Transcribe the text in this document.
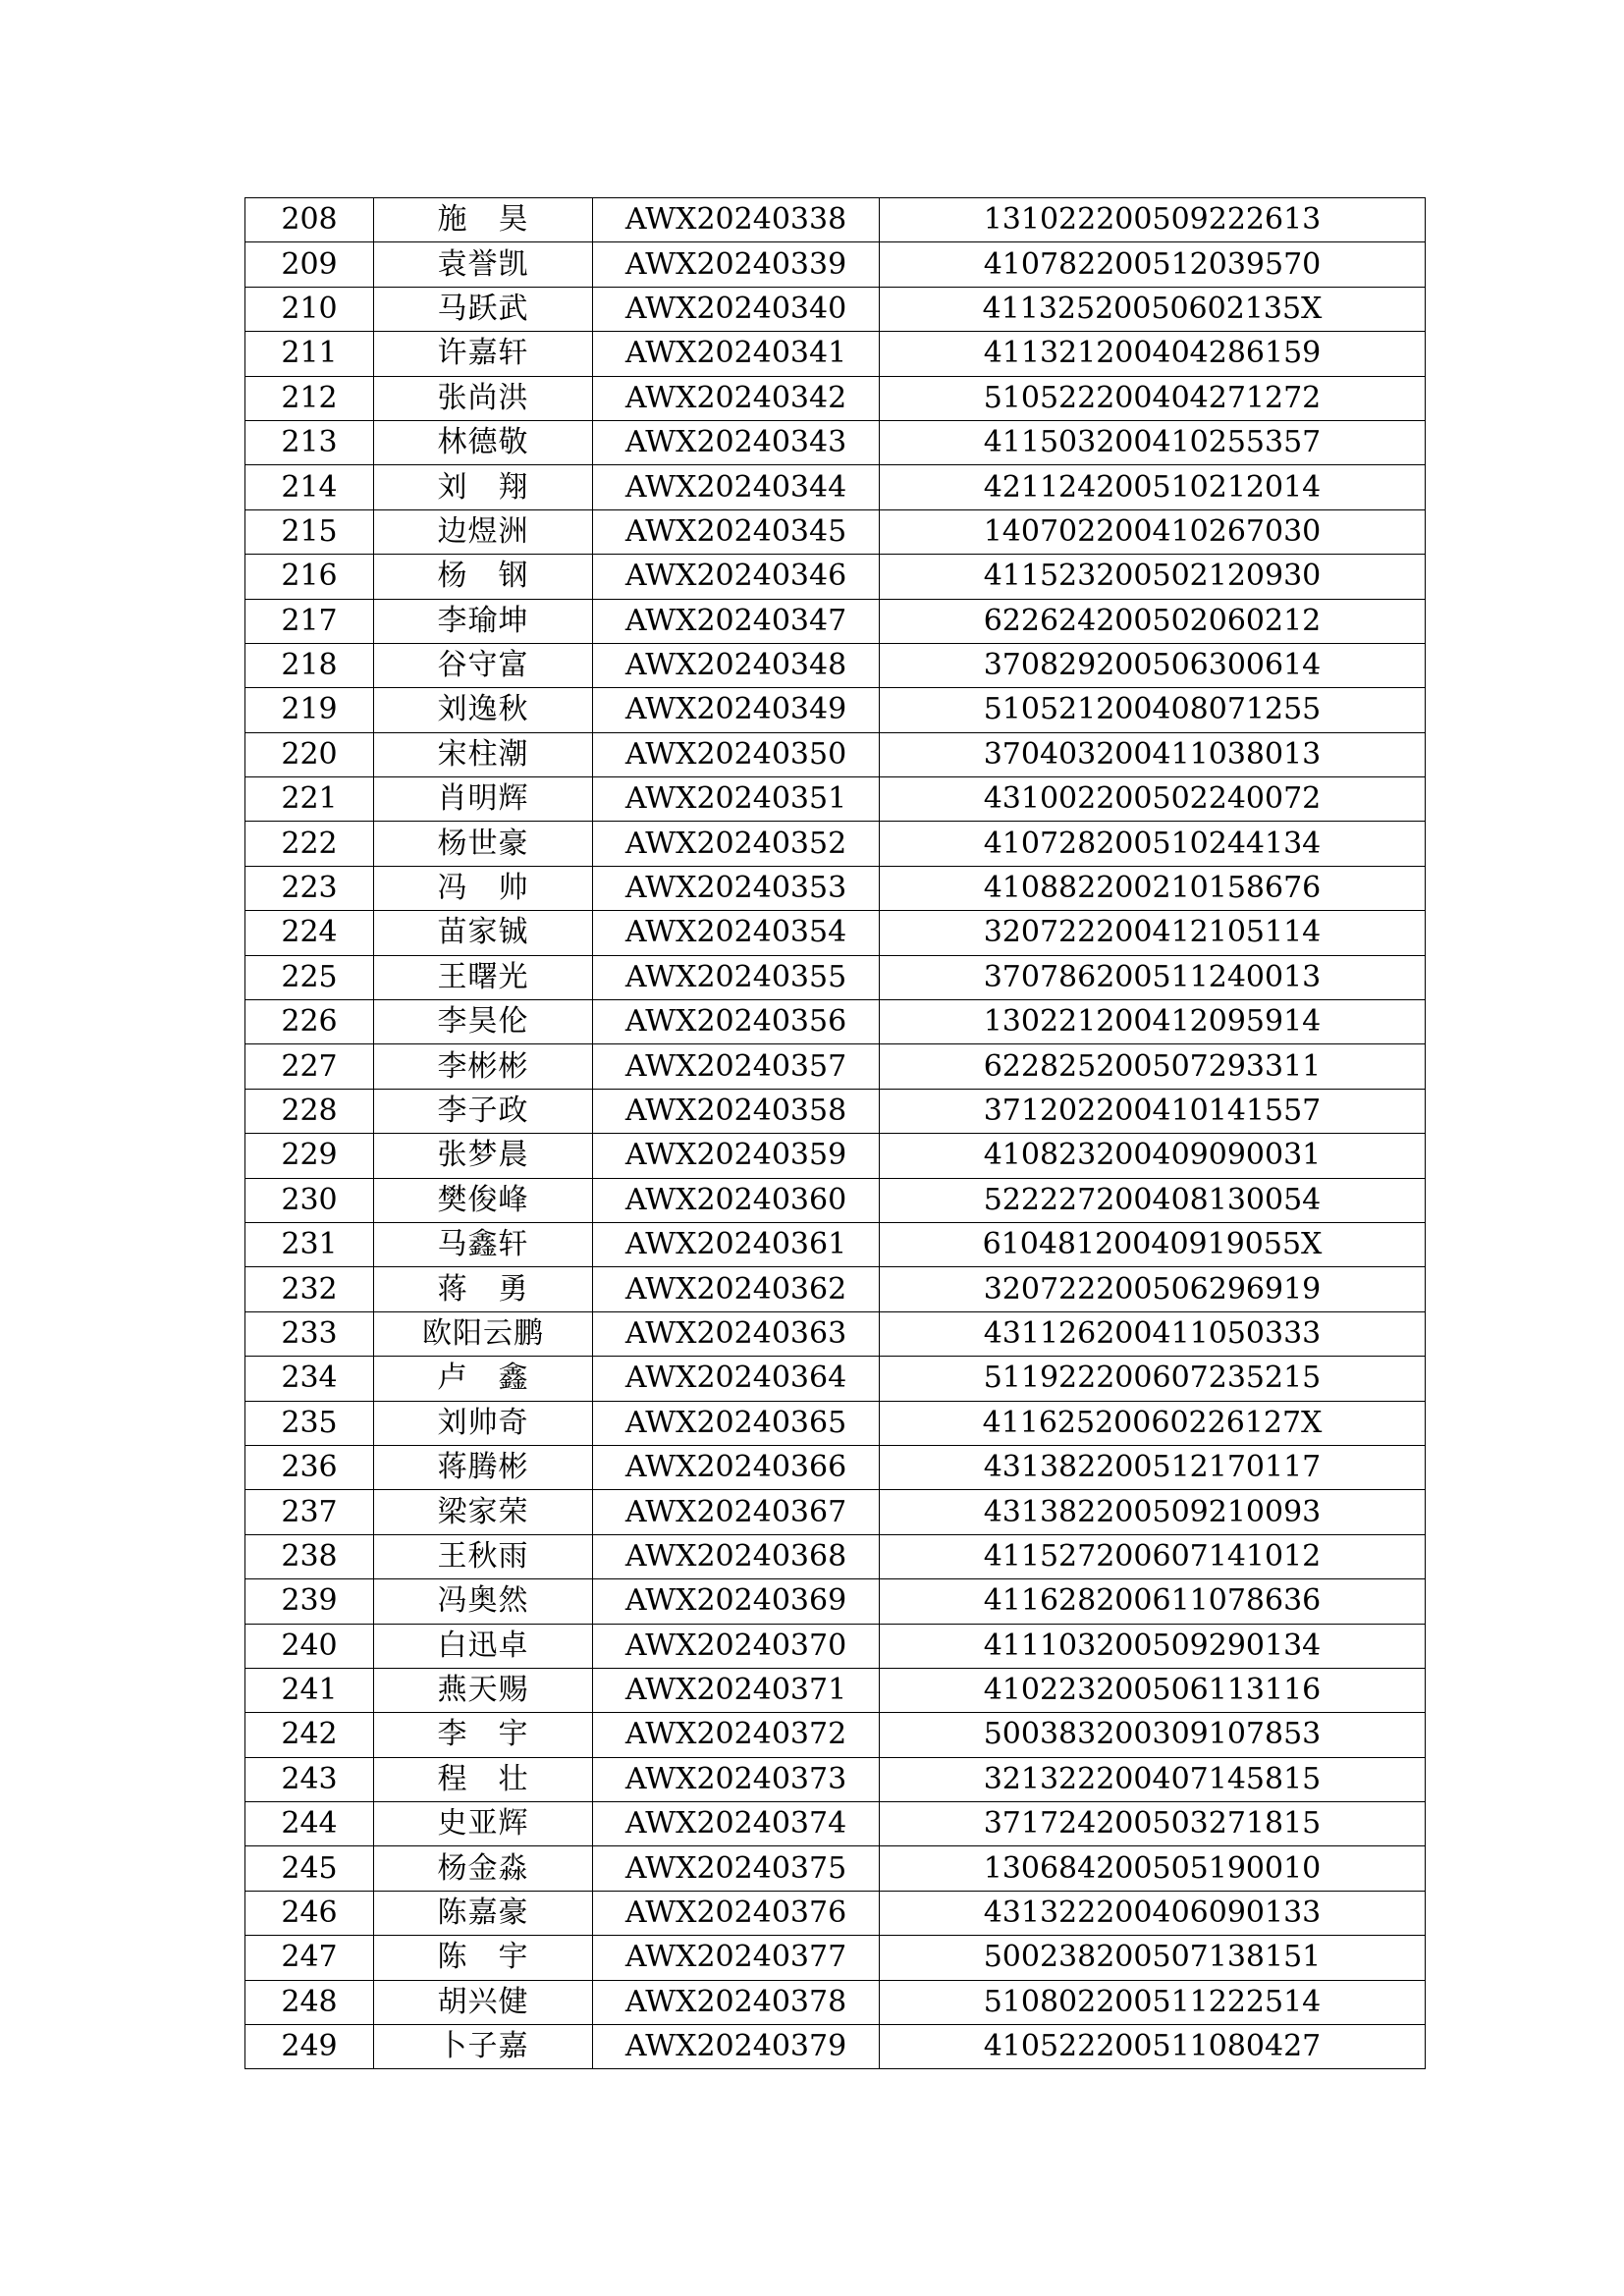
208	施　昊	AWX20240338	131022200509222613
209	袁誉凯	AWX20240339	410782200512039570
210	马跃武	AWX20240340	41132520050602135X
211	许嘉轩	AWX20240341	411321200404286159
212	张尚洪	AWX20240342	510522200404271272
213	林德敬	AWX20240343	411503200410255357
214	刘　翔	AWX20240344	421124200510212014
215	边煜洲	AWX20240345	140702200410267030
216	杨　钢	AWX20240346	411523200502120930
217	李瑜坤	AWX20240347	622624200502060212
218	谷守富	AWX20240348	370829200506300614
219	刘逸秋	AWX20240349	510521200408071255
220	宋柱潮	AWX20240350	370403200411038013
221	肖明辉	AWX20240351	431002200502240072
222	杨世豪	AWX20240352	410728200510244134
223	冯　帅	AWX20240353	410882200210158676
224	苗家铖	AWX20240354	320722200412105114
225	王曙光	AWX20240355	370786200511240013
226	李昊伦	AWX20240356	130221200412095914
227	李彬彬	AWX20240357	622825200507293311
228	李子政	AWX20240358	371202200410141557
229	张梦晨	AWX20240359	410823200409090031
230	樊俊峰	AWX20240360	522227200408130054
231	马鑫轩	AWX20240361	61048120040919055X
232	蒋　勇	AWX20240362	320722200506296919
233	欧阳云鹏	AWX20240363	431126200411050333
234	卢　鑫	AWX20240364	511922200607235215
235	刘帅奇	AWX20240365	41162520060226127X
236	蒋腾彬	AWX20240366	431382200512170117
237	梁家荣	AWX20240367	431382200509210093
238	王秋雨	AWX20240368	411527200607141012
239	冯奥然	AWX20240369	411628200611078636
240	白迅卓	AWX20240370	411103200509290134
241	燕天赐	AWX20240371	410223200506113116
242	李　宇	AWX20240372	500383200309107853
243	程　壮	AWX20240373	321322200407145815
244	史亚辉	AWX20240374	371724200503271815
245	杨金淼	AWX20240375	130684200505190010
246	陈嘉豪	AWX20240376	431322200406090133
247	陈　宇	AWX20240377	500238200507138151
248	胡兴健	AWX20240378	510802200511222514
249	卜子嘉	AWX20240379	410522200511080427
